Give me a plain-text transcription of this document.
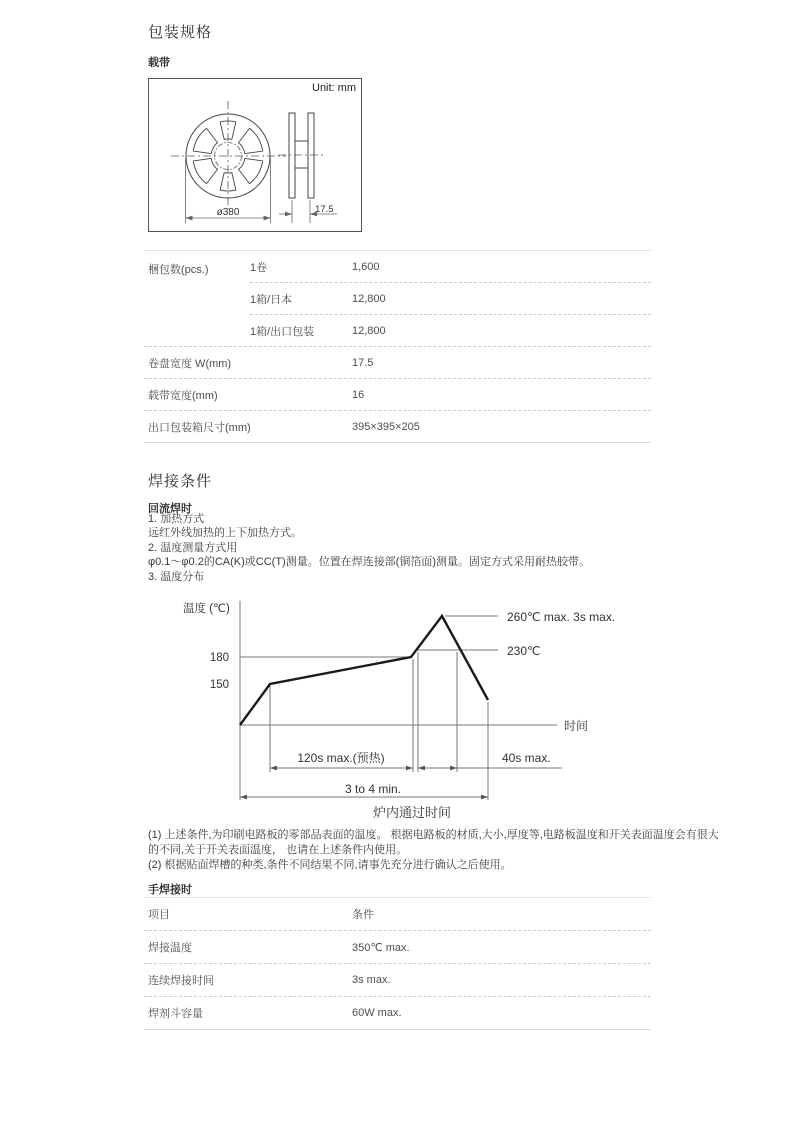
包装规格
载带
Unit: mm
ø380	17.5
梱包数(pcs.)	1卷	1,600
1箱/日本	12,800
1箱/出口包装	12,800
卷盘宽度 W(mm)	17.5
载带宽度(mm)	16
出口包装箱尺寸(mm)	395×395×205
焊接条件
回流焊时
1. 加热方式
远红外线加热的上下加热方式。
2. 温度测量方式用
φ0.1～φ0.2的CA(K)或CC(T)测量。位置在焊连接部(铜箔面)测量。固定方式采用耐热胶带。
3. 温度分布
温度 (℃)
180
150
260℃ max. 3s max.
230℃
时间
120s max.(预热)	40s max.
3 to 4 min.
炉内通过时间
(1) 上述条件,为印刷电路板的零部品表面的温度。 根据电路板的材质,大小,厚度等,电路板温度和开关表面温度会有很大
的不同,关于开关表面温度， 也请在上述条件内使用。
(2) 根据贴面焊槽的种类,条件不同结果不同,请事先充分进行确认之后使用。
手焊接时
项目	条件
焊接温度	350℃ max.
连续焊接时间	3s max.
焊剂斗容量	60W max.
